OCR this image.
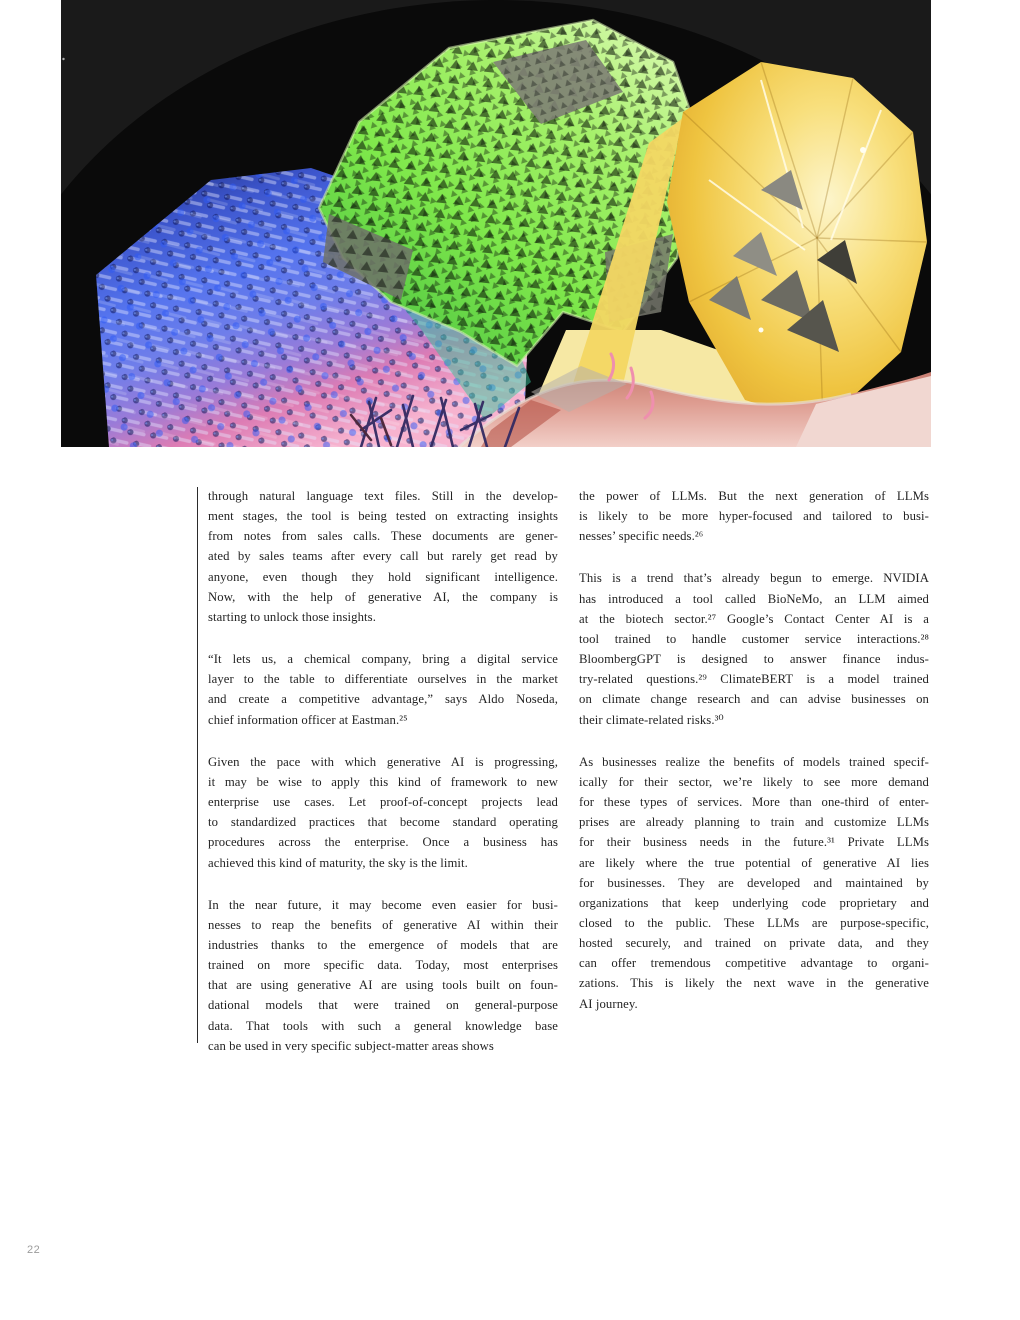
through natural language text files. Still in the develop-
ment stages, the tool is being tested on extracting insights
from notes from sales calls. These documents are gener-
ated by sales teams after every call but rarely get read by
anyone, even though they hold significant intelligence.
Now, with the help of generative AI, the company is
starting to unlock those insights.
“It lets us, a chemical company, bring a digital service
layer to the table to differentiate ourselves in the market
and create a competitive advantage,” says Aldo Noseda,
chief information officer at Eastman.²⁵
Given the pace with which generative AI is progressing,
it may be wise to apply this kind of framework to new
enterprise use cases. Let proof-of-concept projects lead
to standardized practices that become standard operating
procedures across the enterprise. Once a business has
achieved this kind of maturity, the sky is the limit.
In the near future, it may become even easier for busi-
nesses to reap the benefits of generative AI within their
industries thanks to the emergence of models that are
trained on more specific data. Today, most enterprises
that are using generative AI are using tools built on foun-
dational models that were trained on general-purpose
data. That tools with such a general knowledge base
can be used in very specific subject-matter areas shows
the power of LLMs. But the next generation of LLMs
is likely to be more hyper-focused and tailored to busi-
nesses’ specific needs.²⁶
This is a trend that’s already begun to emerge. NVIDIA
has introduced a tool called BioNeMo, an LLM aimed
at the biotech sector.²⁷ Google’s Contact Center AI is a
tool trained to handle customer service interactions.²⁸
BloombergGPT is designed to answer finance indus-
try-related questions.²⁹ ClimateBERT is a model trained
on climate change research and can advise businesses on
their climate-related risks.³⁰
As businesses realize the benefits of models trained specif-
ically for their sector, we’re likely to see more demand
for these types of services. More than one-third of enter-
prises are already planning to train and customize LLMs
for their business needs in the future.³¹ Private LLMs
are likely where the true potential of generative AI lies
for businesses. They are developed and maintained by
organizations that keep underlying code proprietary and
closed to the public. These LLMs are purpose-specific,
hosted securely, and trained on private data, and they
can offer tremendous competitive advantage to organi-
zations. This is likely the next wave in the generative
AI journey.
22
